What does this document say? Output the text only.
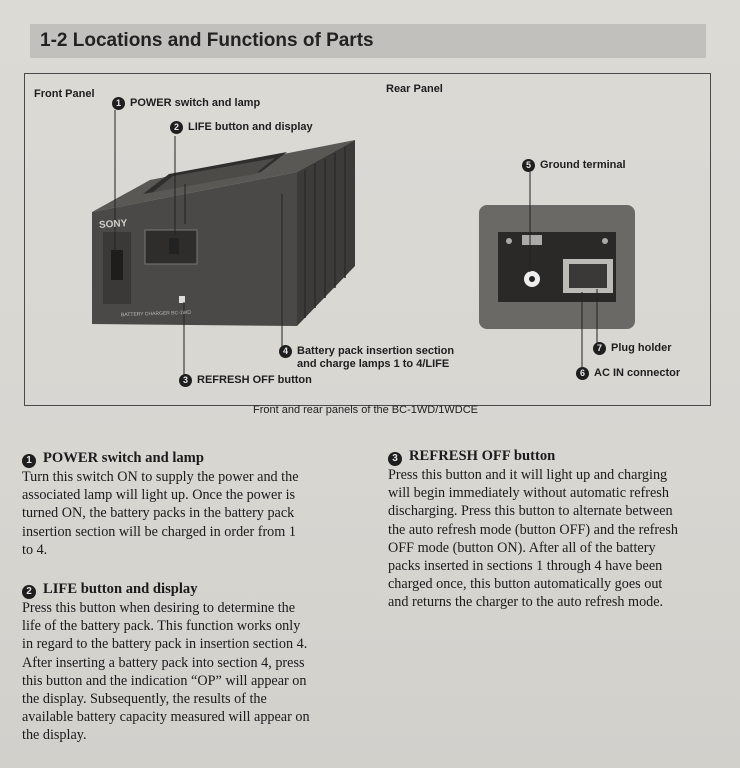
1-2 Locations and Functions of Parts
Front Panel	Rear Panel
1 POWER switch and lamp
2 LIFE button and display
5 Ground terminal
4 Battery pack insertion section
and charge lamps 1 to 4/LIFE
3 REFRESH OFF button
7 Plug holder
6 AC IN connector
SONY
BATTERY CHARGER BC-1WD
Front and rear panels of the BC-1WD/1WDCE
1 POWER switch and lamp

Turn this switch ON to supply the power and the
associated lamp will light up. Once the power is
turned ON, the battery packs in the battery pack
insertion section will be charged in order from 1
to 4.

2 LIFE button and display

Press this button when desiring to determine the
life of the battery pack. This function works only
in regard to the battery pack in insertion section 4.
After inserting a battery pack into section 4, press
this button and the indication “OP” will appear on
the display. Subsequently, the results of the
available battery capacity measured will appear on
the display.

3 REFRESH OFF button

Press this button and it will light up and charging
will begin immediately without automatic refresh
discharging. Press this button to alternate between
the auto refresh mode (button OFF) and the refresh
OFF mode (button ON). After all of the battery
packs inserted in sections 1 through 4 have been
charged once, this button automatically goes out
and returns the charger to the auto refresh mode.
